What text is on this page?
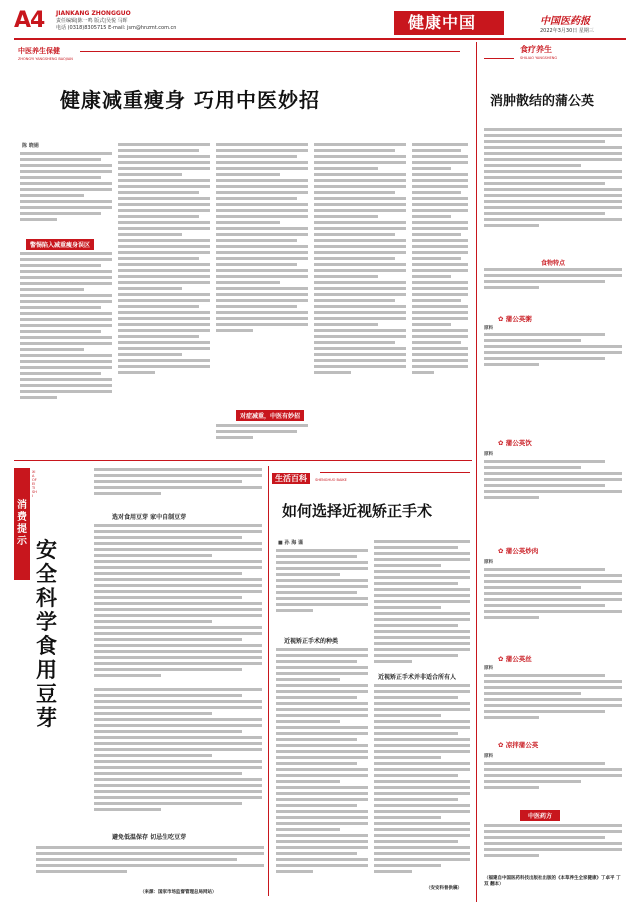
A4 JIANKANG ZHONGGUO
责任编辑|陈一鸣 版式|吴悦 马晖
电话 (0318)8305715 E-mail: jsm@hnzmt.com.cn	健康中国	中国医药报
2022年3月30日 星期三
中医养生保健
ZHONGYI YANGSHENG BAOJIAN
健康减重瘦身 巧用中医妙招
陈 晓娟
警惕陷入减重瘦身误区
对症减重，中医有妙招
食疗养生
SHILIAO YANGSHENG
消肿散结的蒲公英
食物特点
✿ 蒲公英粥
原料
✿ 蒲公英饮
原料
✿ 蒲公英炒肉
原料
✿ 蒲公英丝
原料
✿ 凉拌蒲公英
原料
中医药方
（福建自中国医药科技出版社出版的《本草养生全家健康》丁卓平 丁双 翻本）
消费提示
XIAOFEI TISHI
安全科学食用豆芽
选对食用豆芽 家中自制豆芽
避免低温保存 切忌生吃豆芽
（来源：国家市场监督管理总局网站）
生活百科 SHENGHUO BAIKE
如何选择近视矫正手术
■ 孙 海 谨
近视矫正手术的种类
近视矫正手术并非适合所有人
（安安科普供稿）
